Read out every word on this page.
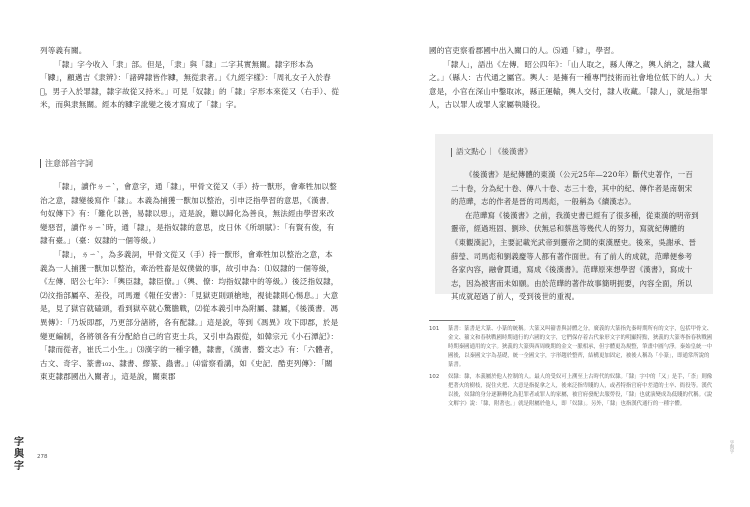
列等義有關。

「隸」字今收入「隶」部。但是，「隶」與「隸」二字其實無關。隸字形本為「𨽻」，顧邁吉《隶辨》：「諸碑隸皆作𨽻，無從隶者。」《九經字樣》：「周礼女子入於舂𥀑，男子入於罪隸，隸字故從又持米。」可見「奴隸」的「隸」字形本來從又（右手）、從米，而與隶無關。經本的𨽻字訛變之後才寫成了「隸」字。

注意部首字詞

「隸」，讀作ㄌㄧˋ，會意字，通「隸」，甲骨文從又（手）持一獸形，會牽牲加以整治之意，隸變後寫作「隸」。本義為捕獲一獸加以整治，引申泛指學習的意思，《漢書．句奴傳下》有：「難化以善，易隸以惡」，這是說，難以歸化為善良，無法經由學習來改變惡習，讀作ㄌㄧˋ時，通「隸」，是指奴隸的意思，皮日休《所頌賦》：「有賢有俊，有隸有臺。」（臺：奴隸的一個等級。）

「隸」，ㄌㄧˋ，為多義詞，甲骨文從又（手）持一獸形，會牽牲加以整治之意，本義為一人捕獲一獸加以整治，牽治牲畜是奴僕做的事，故引申為：⑴奴隸的一個等級，《左傳．昭公七年》：「輿臣隸，隸臣僚。」（輿、僚：均指奴隸中的等級。）後泛指奴隸，⑵汶指部屬卒、差役，司馬遷《報任安書》：「見獄吏則頭槍地，視徒隸則心惕息。」大意是，見了獄官就磕頭，看到獄卒就心驚膽戰，⑵從本義引申為附屬、隸屬，《後漢書．馮異傳》：「乃坂即郡，乃更部分諸將，各有配隸。」這是說，等到《馮異》攻下即郡，於是變更編制，各將領各有分配給自己的官吏士兵，又引申為跟從，如韓宗元《小石潭記》：「隸而從者，崔氏二小生。」⑶漢字的一種字體，隸書，《漢書．藝文志》有：「六體者，古文、奇字、篆書₁₀₂、隸書、繆篆、蟲書。」⑷當察看講，如《史記．酷吏列傳》：「關東吏隸郡國出入關者」，這是說，關東郡

字與字
278

國的官吏察看郡國中出入關口的人。⑸通「肄」，學習。

「隸人」，語出《左傳．昭公四年》：「山人取之，縣人傳之，輿人納之，隸人藏之。」（縣人：古代通之屬官。輿人：是擁有一種專門技術而社會地位低下的人。）大意是，小官在深山中鑿取冰，縣正運輸，輿人交付，隸人收藏。「隸人」，就是指罪人，古以罪人或罪人家屬執賤役。

語文點心｜《後漢書》

《後漢書》是紀傳體的東漢（公元25年—220年）斷代史著作，一百二十卷，分為紀十卷、傳八十卷、志三十卷，其中的紀、傳作者是南朝宋的范曄，志的作者是晉的司馬彪，一般稱為《續漢志》。

在范曄寫《後漢書》之前，我漢史書已經有了很多種，從東漢的明帝到靈帝，經過班固、劉珍、伏無忌和蔡邕等幾代人的努力，寫就紀傳體的《東觀漢記》，主要記載光武帝到靈帝之間的東漢歷史。後來，吳謝承、晉薛瑩、司馬彪和劉義慶等人都有著作面世。有了前人的成就，范曄便參考各家內容，融會貫通，寫成《後漢書》。范曄原來想學習《漢書》，寫成十志，因為被害而未如願。由於范曄的著作故事簡明扼要，內容全面，所以其成就超過了前人，受到後世的重視。

101	篆書：篆書是大篆、小篆的統稱。大篆又叫籀書與詩體之分，廣義的大篆指先秦時期所有的文字，包括甲骨文、金文、籀文和春秋戰國時期通行的六國的文字，它們保存着古代象形文字的明顯特點，狹義的大篆專指春秋戰國時期秦國通用的文字。狹義的大篆與西周晚期的金文一脈相承，但字體更為規整，筆畫中圓勻淨。秦始皇統一中國後，以秦國文字為基礎，統一全國文字，字形趨於整齊，結構更加固定，被後人稱為「小篆」，即通常所說的篆書。
102	奴隸：隸，本義屬於他人控制的人。最人的受奴可上溯至上古時代的奴隸。「隸」字中的「又」是手，「柰」則像把著火的樹枝，捉住火把、大意是指捉拿之人，後來泛指卑賤的人，或者特指官府中差遣的士卒、衙役等。漢代以後，奴隸的身分逐漸轉化為犯罪者或罪人的家屬，被官府發配去服勞役，「隸」也就演變成為低賤的代稱。《說文解字》說：「隸，附著也。」就是附屬於他人，即「奴隸」。另外，「隸」也指漢代通行的一種字體。
字與字
